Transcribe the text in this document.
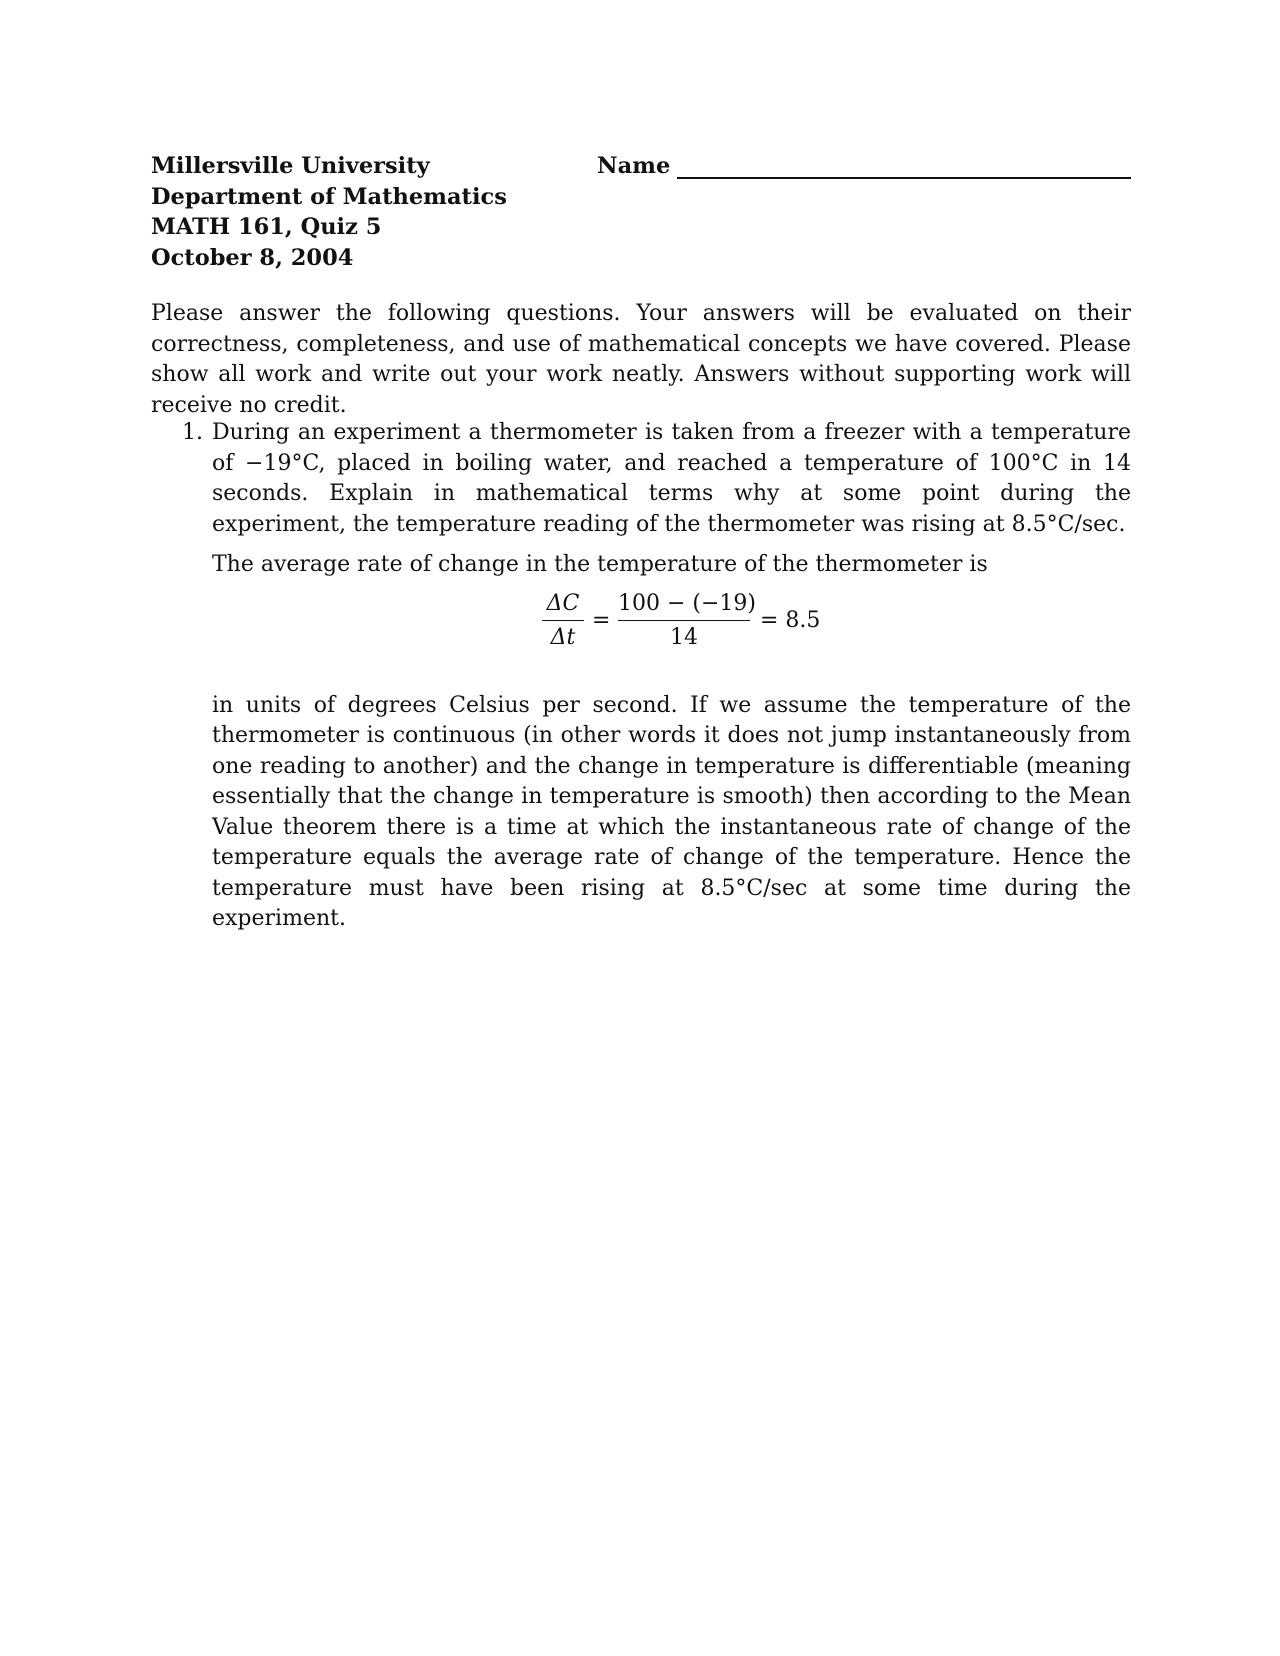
Millersville University
Department of Mathematics
MATH 161, Quiz 5
October 8, 2004
Name
Please answer the following questions. Your answers will be evaluated on their correctness, completeness, and use of mathematical concepts we have covered. Please show all work and write out your work neatly. Answers without supporting work will receive no credit.
1. During an experiment a thermometer is taken from a freezer with a temperature of −19°C, placed in boiling water, and reached a temperature of 100°C in 14 seconds. Explain in mathematical terms why at some point during the experiment, the temperature reading of the thermometer was rising at 8.5°C/sec.

The average rate of change in the temperature of the thermometer is

ΔC
Δt
=
100 − (−19)
14
= 8.5

in units of degrees Celsius per second. If we assume the temperature of the thermometer is continuous (in other words it does not jump instantaneously from one reading to another) and the change in temperature is differentiable (meaning essentially that the change in temperature is smooth) then according to the Mean Value theorem there is a time at which the instantaneous rate of change of the temperature equals the average rate of change of the temperature. Hence the temperature must have been rising at 8.5°C/sec at some time during the experiment.
